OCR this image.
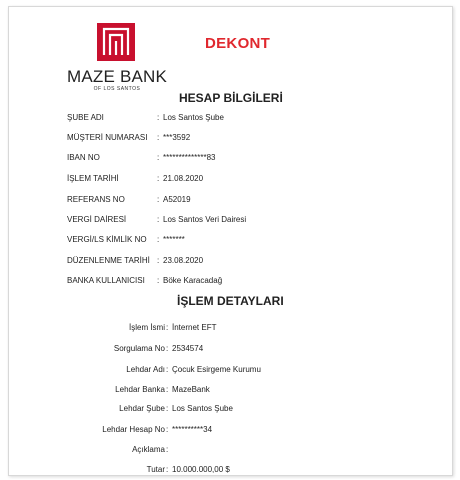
MAZE BANK
OF LOS SANTOS
DEKONT
HESAP BİLGİLERİ
ŞUBE ADI	: Los Santos Şube
MÜŞTERİ NUMARASI : ***3592
IBAN NO	: **************83
İŞLEM TARİHİ	: 21.08.2020
REFERANS NO	: A52019
VERGİ DAİRESİ	: Los Santos Veri Dairesi
VERGİ/LS KİMLİK NO : *******
DÜZENLENME TARİHİ : 23.08.2020
BANKA KULLANICISI : Böke Karacadağ
İŞLEM DETAYLARI
İşlem İsmi : İnternet EFT
Sorgulama No : 2534574
Lehdar Adı : Çocuk Esirgeme Kurumu
Lehdar Banka : MazeBank
Lehdar Şube : Los Santos Şube
Lehdar Hesap No : **********34
Açıklama :
Tutar : 10.000.000,00 $
